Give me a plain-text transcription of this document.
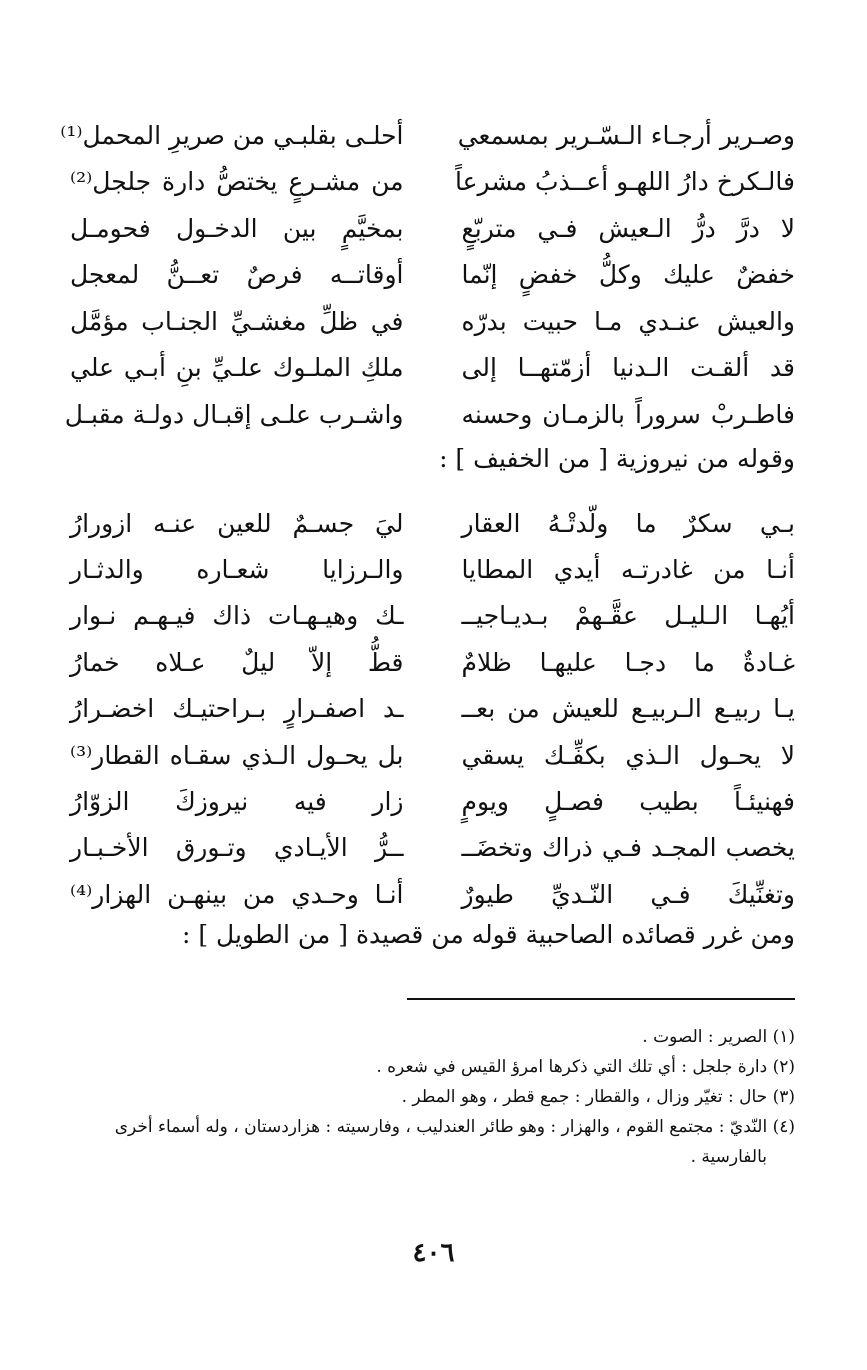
وصـرير أرجـاء الـسّـرير بمسمعي
أحلـى بقلبـي من صريرِ المحمل⁽¹⁾
فالـكرخ دارُ اللهـو أعــذبُ مشرعاً
من مشـرعٍ يختصُّ دارة جلجل⁽²⁾
لا درَّ درُّ الـعيش فـي متربّعٍ
بمخيَّمٍ بين الدخـول فحومـل
خفضٌ عليك وكلُّ خفضٍ إنّما
أوقاتــه فرصٌ تعــنُّ لمعجل
والعيش عنـدي مـا حبيت بدرّه
في ظلِّ مغشـيِّ الجنـاب مؤمَّل
قد ألقـت الـدنيا أزمّتهــا إلى
ملكِ الملـوك علـيِّ بنِ أبـي علي
فاطـربْ سروراً بالزمـان وحسنه
واشـرب علـى إقبـال دولـة مقبـل
وقوله من نيروزية [ من الخفيف ] :
بـي سكرٌ ما ولّدتْـهُ العقار
ليَ جسـمٌ للعين عنـه ازورارُ
أنـا من غادرتـه أيدي المطايا
والـرزايا شعـاره والدثـار
أيُهـا الـليـل عقَّـهمْ بـديـاجيــ
ـك وهيـهـات ذاك فيـهـم نـوار
غـادةٌ ما دجـا عليهـا ظلامٌ
قطُّ إلاّ ليلٌ عـلاه خمارُ
يـا ربيـع الـربيـع للعيش من بعــ
ـد اصفـرارٍ بـراحتيـك اخضـرارُ
لا يحـول الـذي بكفِّـك يسقي
بل يحـول الـذي سقـاه القطار⁽³⁾
فهنيئـاً بطيب فصـلٍ ويومٍ
زار فيه نيروزكَ الزوّارُ
يخصب المجـد فـي ذراك وتخضَــ
ــرُّ الأيـادي وتـورق الأخـبـار
وتغنِّيكَ فـي النّـديِّ طيورٌ
أنـا وحـدي من بينهـن الهزار⁽⁴⁾
ومن غرر قصائده الصاحبية قوله من قصيدة [ من الطويل ] :
(١) الصرير : الصوت .
(٢) دارة جلجل : أي تلك التي ذكرها امرؤ القيس في شعره .
(٣) حال : تغيّر وزال ، والقطار : جمع قطر ، وهو المطر .
(٤) النّديّ : مجتمع القوم ، والهزار : وهو طائر العندليب ، وفارسيته : هزاردستان ، وله أسماء أخرى
بالفارسية .
٤٠٦
